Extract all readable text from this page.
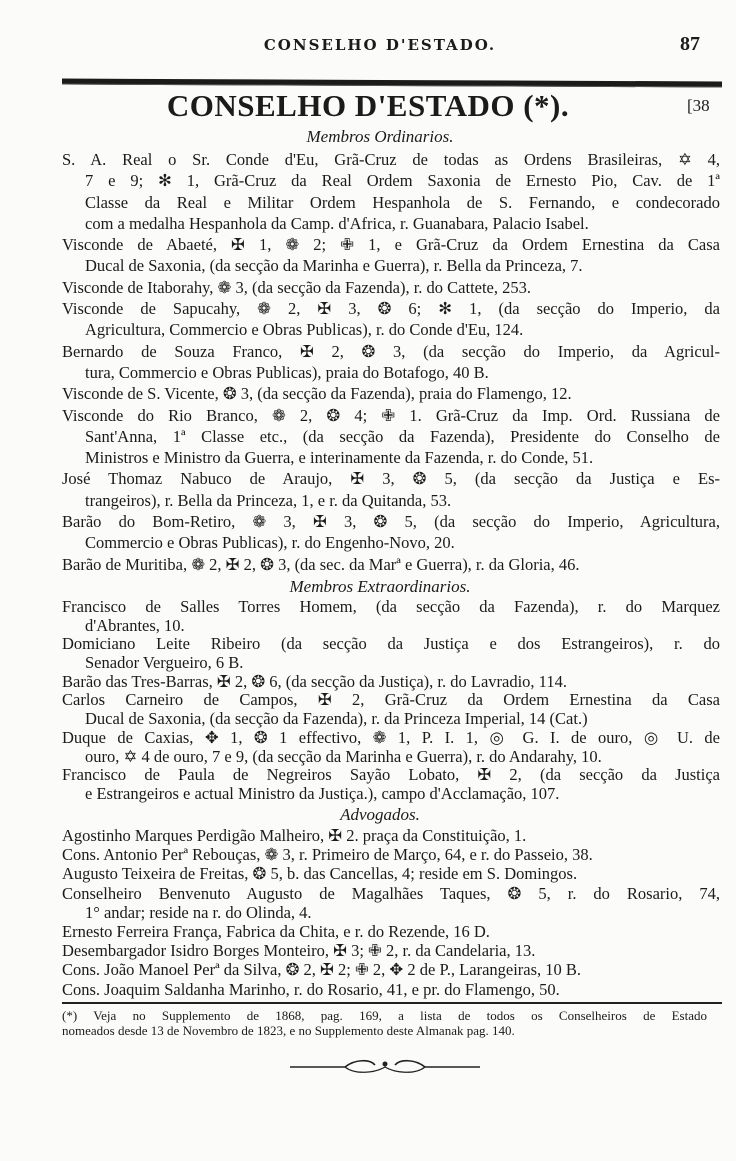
CONSELHO D'ESTADO.	87
CONSELHO D'ESTADO (*).	[38
Membros Ordinarios.
S. A. Real o Sr. Conde d'Eu, Grã-Cruz de todas as Ordens Brasileiras, ✡ 4,
7 e 9; ✻ 1, Grã-Cruz da Real Ordem Saxonia de Ernesto Pio, Cav. de 1ª
Classe da Real e Militar Ordem Hespanhola de S. Fernando, e condecorado
com a medalha Hespanhola da Camp. d'Africa, r. Guanabara, Palacio Isabel.
Visconde de Abaeté, ✠ 1, ❁ 2; ✙ 1, e Grã-Cruz da Ordem Ernestina da Casa
Ducal de Saxonia, (da secção da Marinha e Guerra), r. Bella da Princeza, 7.
Visconde de Itaborahy, ❁ 3, (da secção da Fazenda), r. do Cattete, 253.
Visconde de Sapucahy, ❁ 2, ✠ 3, ❂ 6; ✻ 1, (da secção do Imperio, da
Agricultura, Commercio e Obras Publicas), r. do Conde d'Eu, 124.
Bernardo de Souza Franco, ✠ 2, ❂ 3, (da secção do Imperio, da Agricul-
tura, Commercio e Obras Publicas), praia do Botafogo, 40 B.
Visconde de S. Vicente, ❂ 3, (da secção da Fazenda), praia do Flamengo, 12.
Visconde do Rio Branco, ❁ 2, ❂ 4; ✙ 1. Grã-Cruz da Imp. Ord. Russiana de
Sant'Anna, 1ª Classe etc., (da secção da Fazenda), Presidente do Conselho de
Ministros e Ministro da Guerra, e interinamente da Fazenda, r. do Conde, 51.
José Thomaz Nabuco de Araujo, ✠ 3, ❂ 5, (da secção da Justiça e Es-
trangeiros), r. Bella da Princeza, 1, e r. da Quitanda, 53.
Barão do Bom-Retiro, ❁ 3, ✠ 3, ❂ 5, (da secção do Imperio, Agricultura,
Commercio e Obras Publicas), r. do Engenho-Novo, 20.
Barão de Muritiba, ❁ 2, ✠ 2, ❂ 3, (da sec. da Marª e Guerra), r. da Gloria, 46.
Membros Extraordinarios.
Francisco de Salles Torres Homem, (da secção da Fazenda), r. do Marquez
d'Abrantes, 10.
Domiciano Leite Ribeiro (da secção da Justiça e dos Estrangeiros), r. do
Senador Vergueiro, 6 B.
Barão das Tres-Barras, ✠ 2, ❂ 6, (da secção da Justiça), r. do Lavradio, 114.
Carlos Carneiro de Campos, ✠ 2, Grã-Cruz da Ordem Ernestina da Casa
Ducal de Saxonia, (da secção da Fazenda), r. da Princeza Imperial, 14 (Cat.)
Duque de Caxias, ✥ 1, ❂ 1 effectivo, ❁ 1, P. I. 1, ◎ G. I. de ouro, ◎ U. de
ouro, ✡ 4 de ouro, 7 e 9, (da secção da Marinha e Guerra), r. do Andarahy, 10.
Francisco de Paula de Negreiros Sayão Lobato, ✠ 2, (da secção da Justiça
e Estrangeiros e actual Ministro da Justiça.), campo d'Acclamação, 107.
Advogados.
Agostinho Marques Perdigão Malheiro, ✠ 2. praça da Constituição, 1.
Cons. Antonio Perª Rebouças, ❁ 3, r. Primeiro de Março, 64, e r. do Passeio, 38.
Augusto Teixeira de Freitas, ❂ 5, b. das Cancellas, 4; reside em S. Domingos.
Conselheiro Benvenuto Augusto de Magalhães Taques, ❂ 5, r. do Rosario, 74,
1° andar; reside na r. do Olinda, 4.
Ernesto Ferreira França, Fabrica da Chita, e r. do Rezende, 16 D.
Desembargador Isidro Borges Monteiro, ✠ 3; ✙ 2, r. da Candelaria, 13.
Cons. João Manoel Perª da Silva, ❂ 2, ✠ 2; ✙ 2, ✥ 2 de P., Larangeiras, 10 B.
Cons. Joaquim Saldanha Marinho, r. do Rosario, 41, e pr. do Flamengo, 50.
(*) Veja no Supplemento de 1868, pag. 169, a lista de todos os Conselheiros de Estado
nomeados desde 13 de Novembro de 1823, e no Supplemento deste Almanak pag. 140.
